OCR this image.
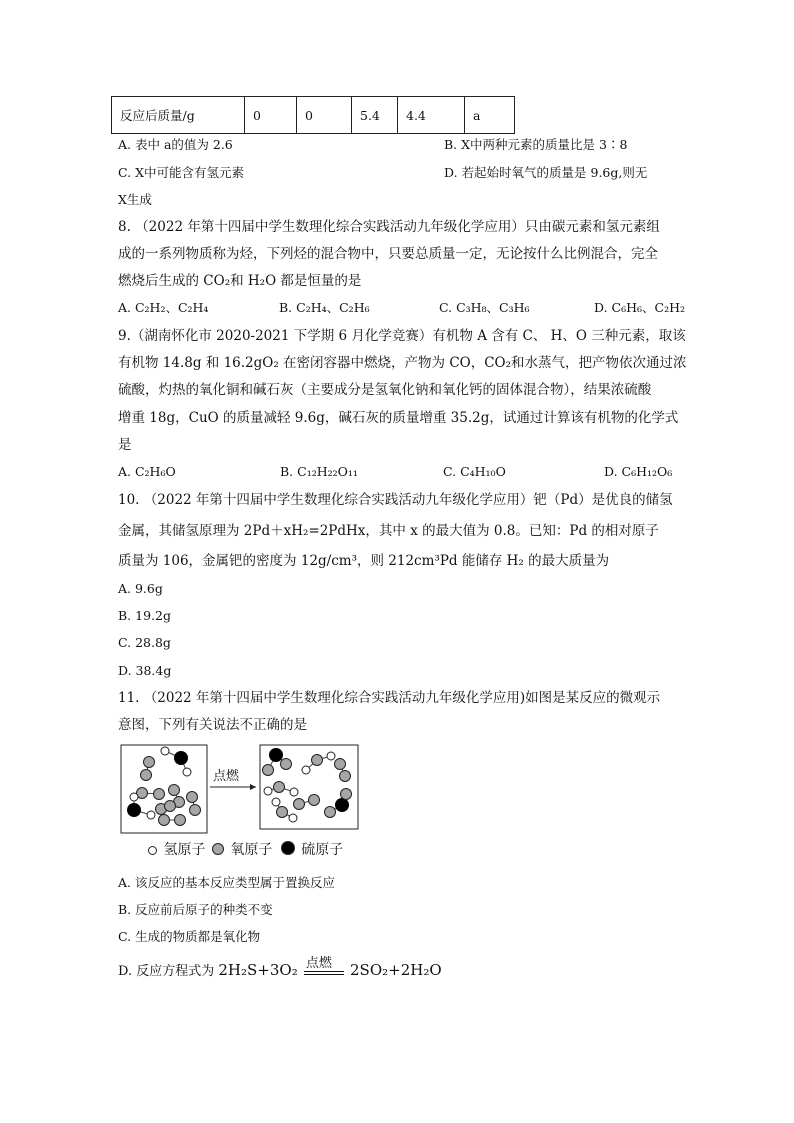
反应后质量/g	0	0	5.4	4.4	a
A. 表中 a的值为 2.6	B. X中两种元素的质量比是 3∶8
C. X中可能含有氢元素	D. 若起始时氧气的质量是 9.6g,则无
X生成
8. （2022 年第十四届中学生数理化综合实践活动九年级化学应用）只由碳元素和氢元素组
成的一系列物质称为烃，下列烃的混合物中，只要总质量一定，无论按什么比例混合，完全
燃烧后生成的 CO₂和 H₂O 都是恒量的是
A. C₂H₂、C₂H₄	B. C₂H₄、C₂H₆	C. C₃H₈、C₃H₆	D. C₆H₆、C₂H₂
9.（湖南怀化市 2020-2021 下学期 6 月化学竞赛）有机物 A 含有 C、 H、O 三种元素，取该
有机物 14.8g 和 16.2gO₂ 在密闭容器中燃烧，产物为 CO，CO₂和水蒸气，把产物依次通过浓
硫酸，灼热的氧化铜和碱石灰（主要成分是氢氧化钠和氧化钙的固体混合物），结果浓硫酸
增重 18g，CuO 的质量减轻 9.6g，碱石灰的质量增重 35.2g，试通过计算该有机物的化学式
是
A. C₂H₆O	B. C₁₂H₂₂O₁₁	C. C₄H₁₀O	D. C₆H₁₂O₆
10. （2022 年第十四届中学生数理化综合实践活动九年级化学应用）钯（Pd）是优良的储氢
金属，其储氢原理为 2Pd＋xH₂=2PdHx，其中 x 的最大值为 0.8。已知：Pd 的相对原子
质量为 106，金属钯的密度为 12g/cm³，则 212cm³Pd 能储存 H₂ 的最大质量为
A. 9.6g
B. 19.2g
C. 28.8g
D. 38.4g
11. （2022 年第十四届中学生数理化综合实践活动九年级化学应用)如图是某反应的微观示
意图，下列有关说法不正确的是
点燃
氢原子 氧原子 硫原子
A. 该反应的基本反应类型属于置换反应
B. 反应前后原子的种类不变
C. 生成的物质都是氧化物
D. 反应方程式为 2H₂S+3O₂ 点燃 2SO₂+2H₂O
